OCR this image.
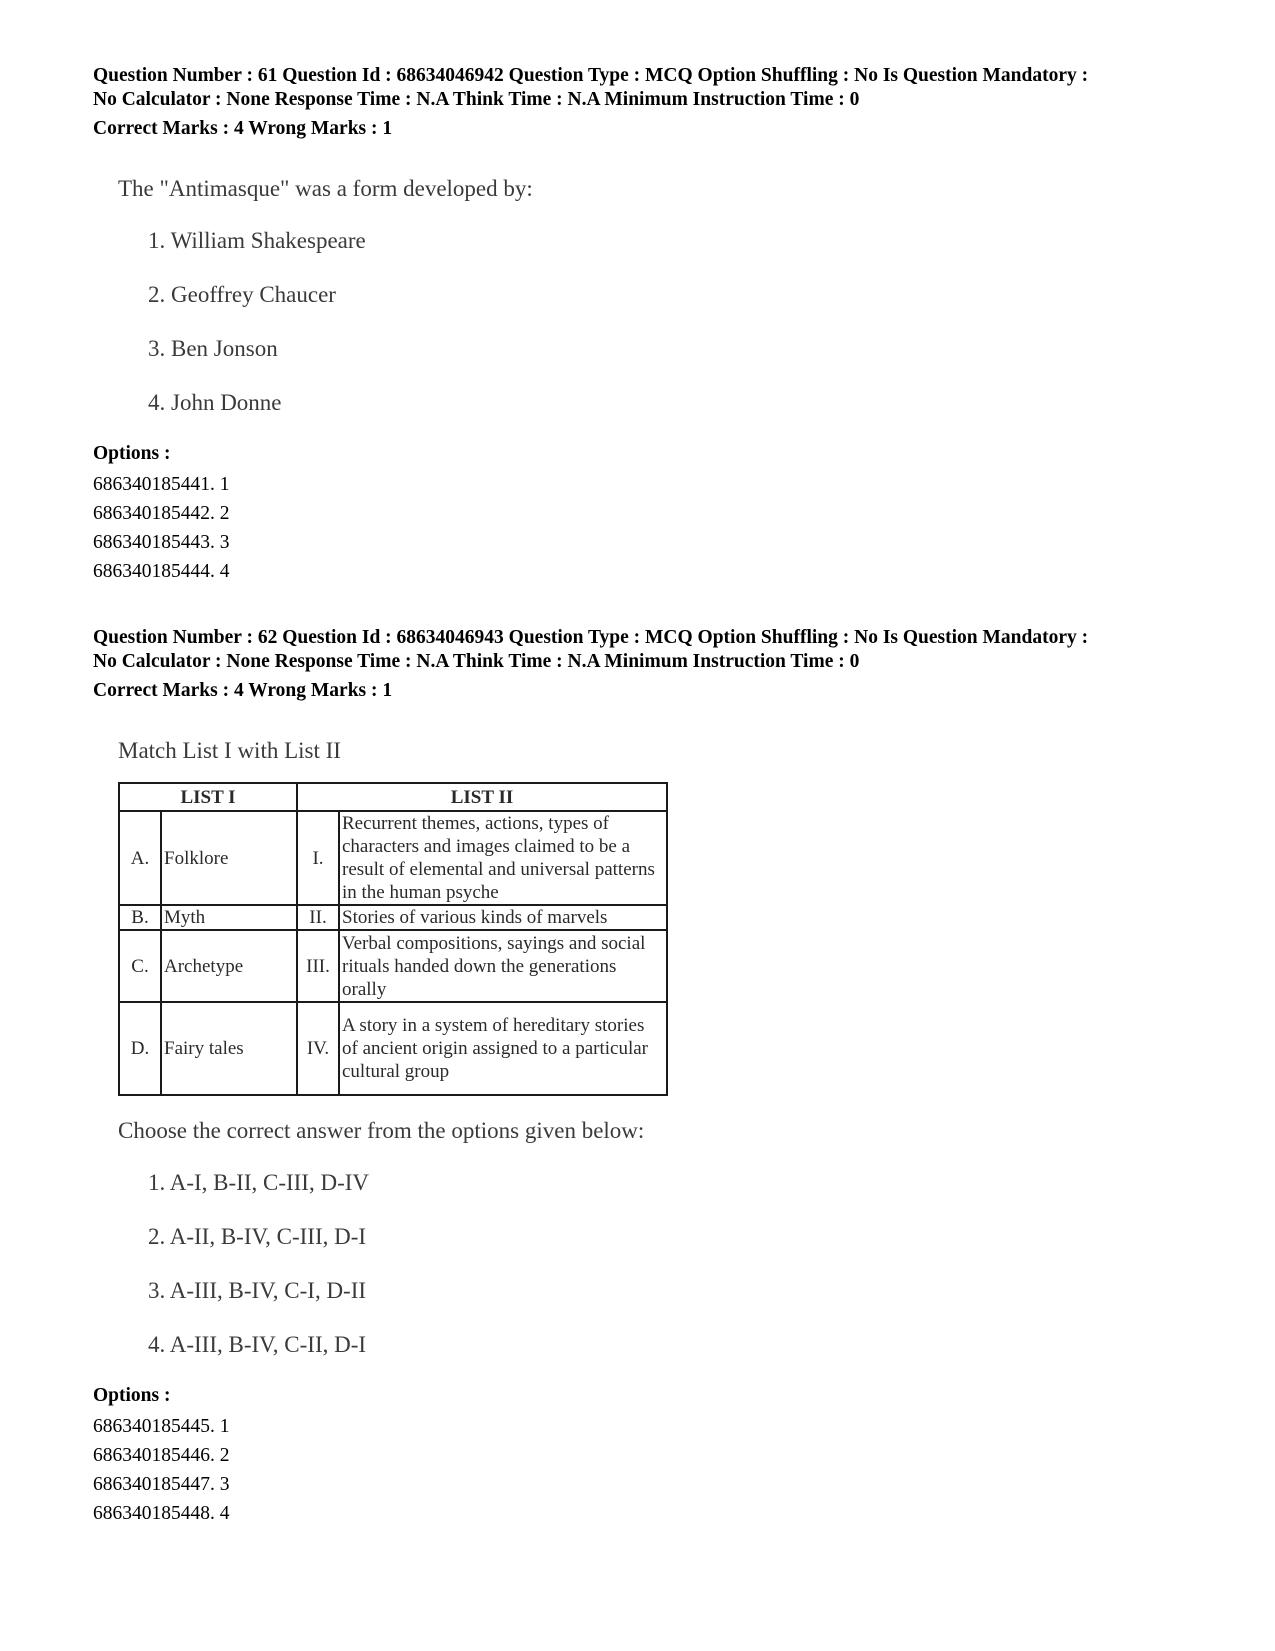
Question Number : 61 Question Id : 68634046942 Question Type : MCQ Option Shuffling : No Is Question Mandatory :

No Calculator : None Response Time : N.A Think Time : N.A Minimum Instruction Time : 0

Correct Marks : 4 Wrong Marks : 1

The "Antimasque" was a form developed by:

1. William Shakespeare
2. Geoffrey Chaucer
3. Ben Jonson
4. John Donne

Options :

686340185441. 1
686340185442. 2
686340185443. 3
686340185444. 4

Question Number : 62 Question Id : 68634046943 Question Type : MCQ Option Shuffling : No Is Question Mandatory :

No Calculator : None Response Time : N.A Think Time : N.A Minimum Instruction Time : 0

Correct Marks : 4 Wrong Marks : 1

Match List I with List II

LIST I		LIST II	
A.	Folklore	I.	Recurrent themes, actions, types of characters and images claimed to be a result of elemental and universal patterns in the human psyche
B.	Myth	II.	Stories of various kinds of marvels
C.	Archetype	III.	Verbal compositions, sayings and social rituals handed down the generations orally
D.	Fairy tales	IV.	A story in a system of hereditary stories of ancient origin assigned to a particular cultural group

Choose the correct answer from the options given below:

1. A-I, B-II, C-III, D-IV
2. A-II, B-IV, C-III, D-I
3. A-III, B-IV, C-I, D-II
4. A-III, B-IV, C-II, D-I

Options :

686340185445. 1
686340185446. 2
686340185447. 3
686340185448. 4
